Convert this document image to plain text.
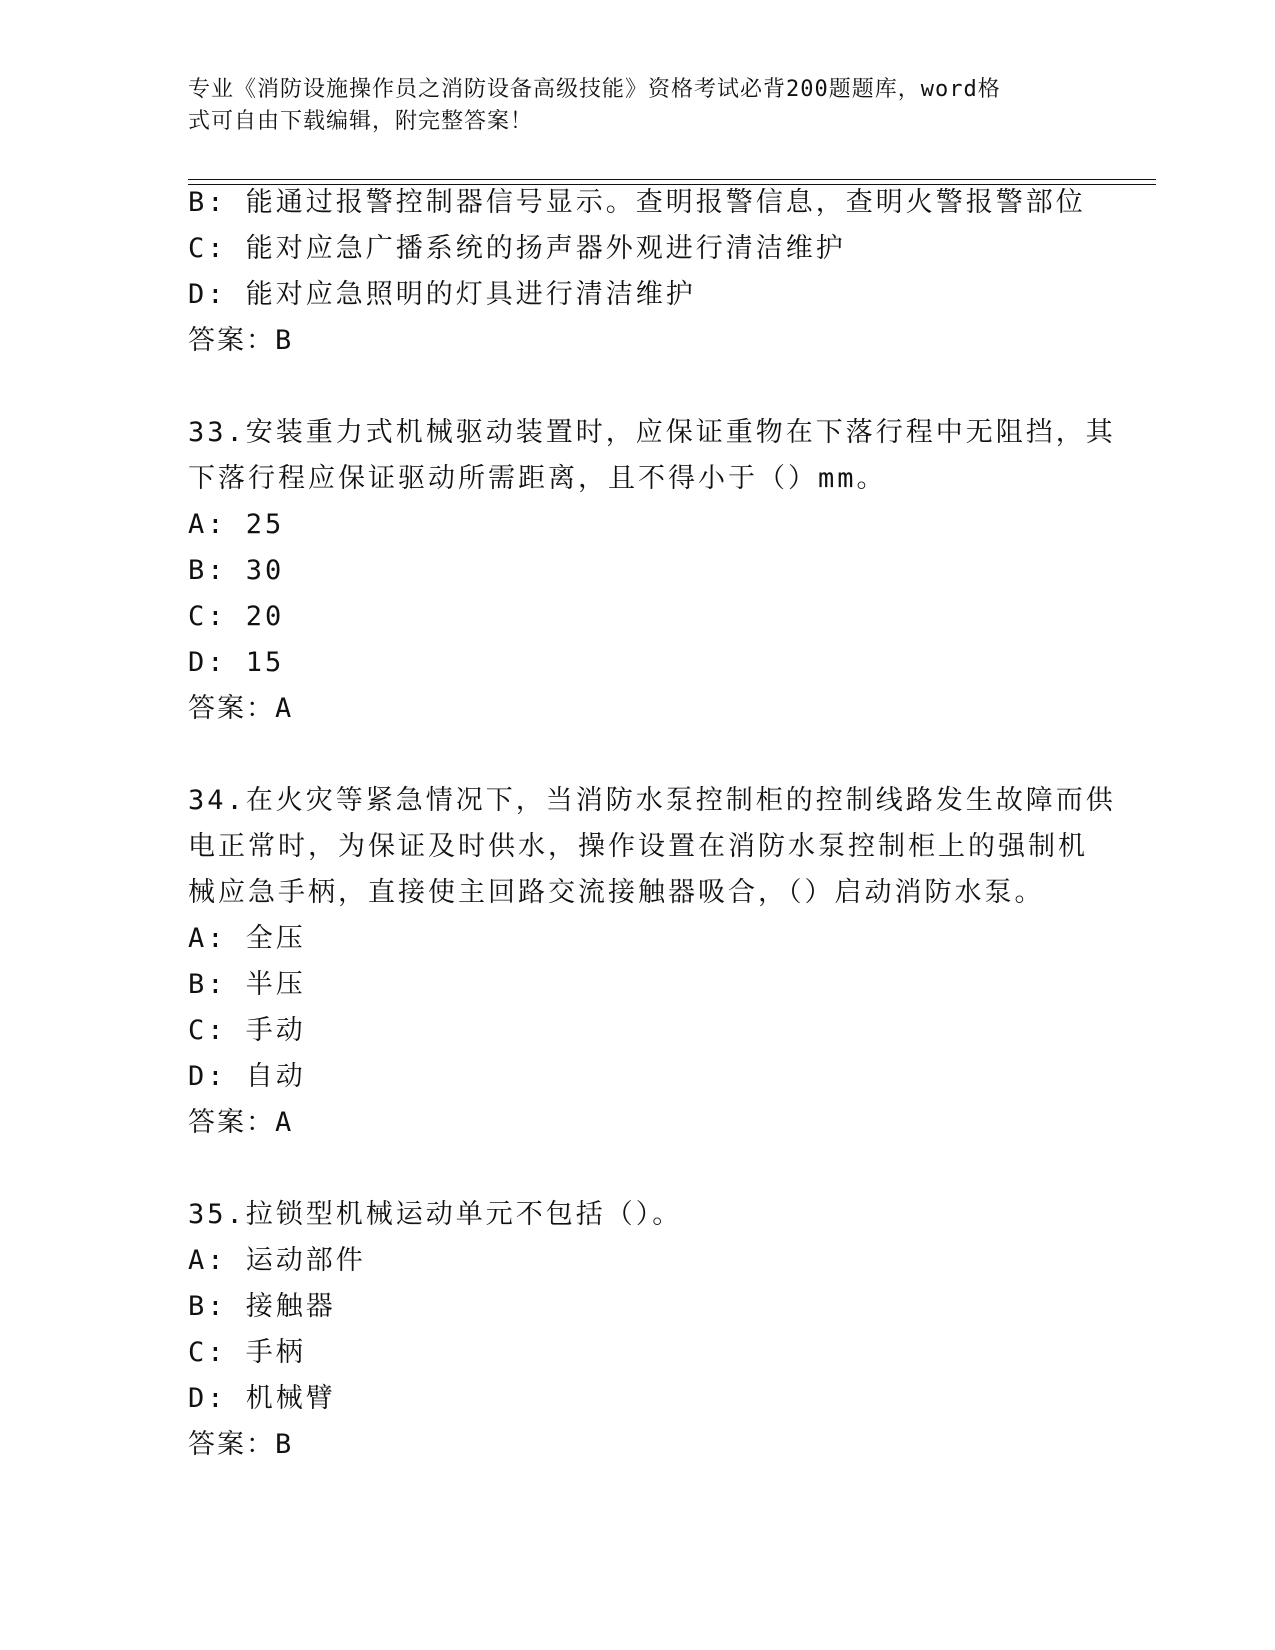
专业《消防设施操作员之消防设备高级技能》资格考试必背200题题库，word格
式可自由下载编辑，附完整答案！
B: 能通过报警控制器信号显示。查明报警信息，查明火警报警部位
C: 能对应急广播系统的扬声器外观进行清洁维护
D: 能对应急照明的灯具进行清洁维护
答案：B
33.安装重力式机械驱动装置时，应保证重物在下落行程中无阻挡，其
下落行程应保证驱动所需距离，且不得小于（）mm。
A: 25
B: 30
C: 20
D: 15
答案：A
34.在火灾等紧急情况下，当消防水泵控制柜的控制线路发生故障而供
电正常时，为保证及时供水，操作设置在消防水泵控制柜上的强制机
械应急手柄，直接使主回路交流接触器吸合，（）启动消防水泵。
A: 全压
B: 半压
C: 手动
D: 自动
答案：A
35.拉锁型机械运动单元不包括（）。
A: 运动部件
B: 接触器
C: 手柄
D: 机械臂
答案：B
